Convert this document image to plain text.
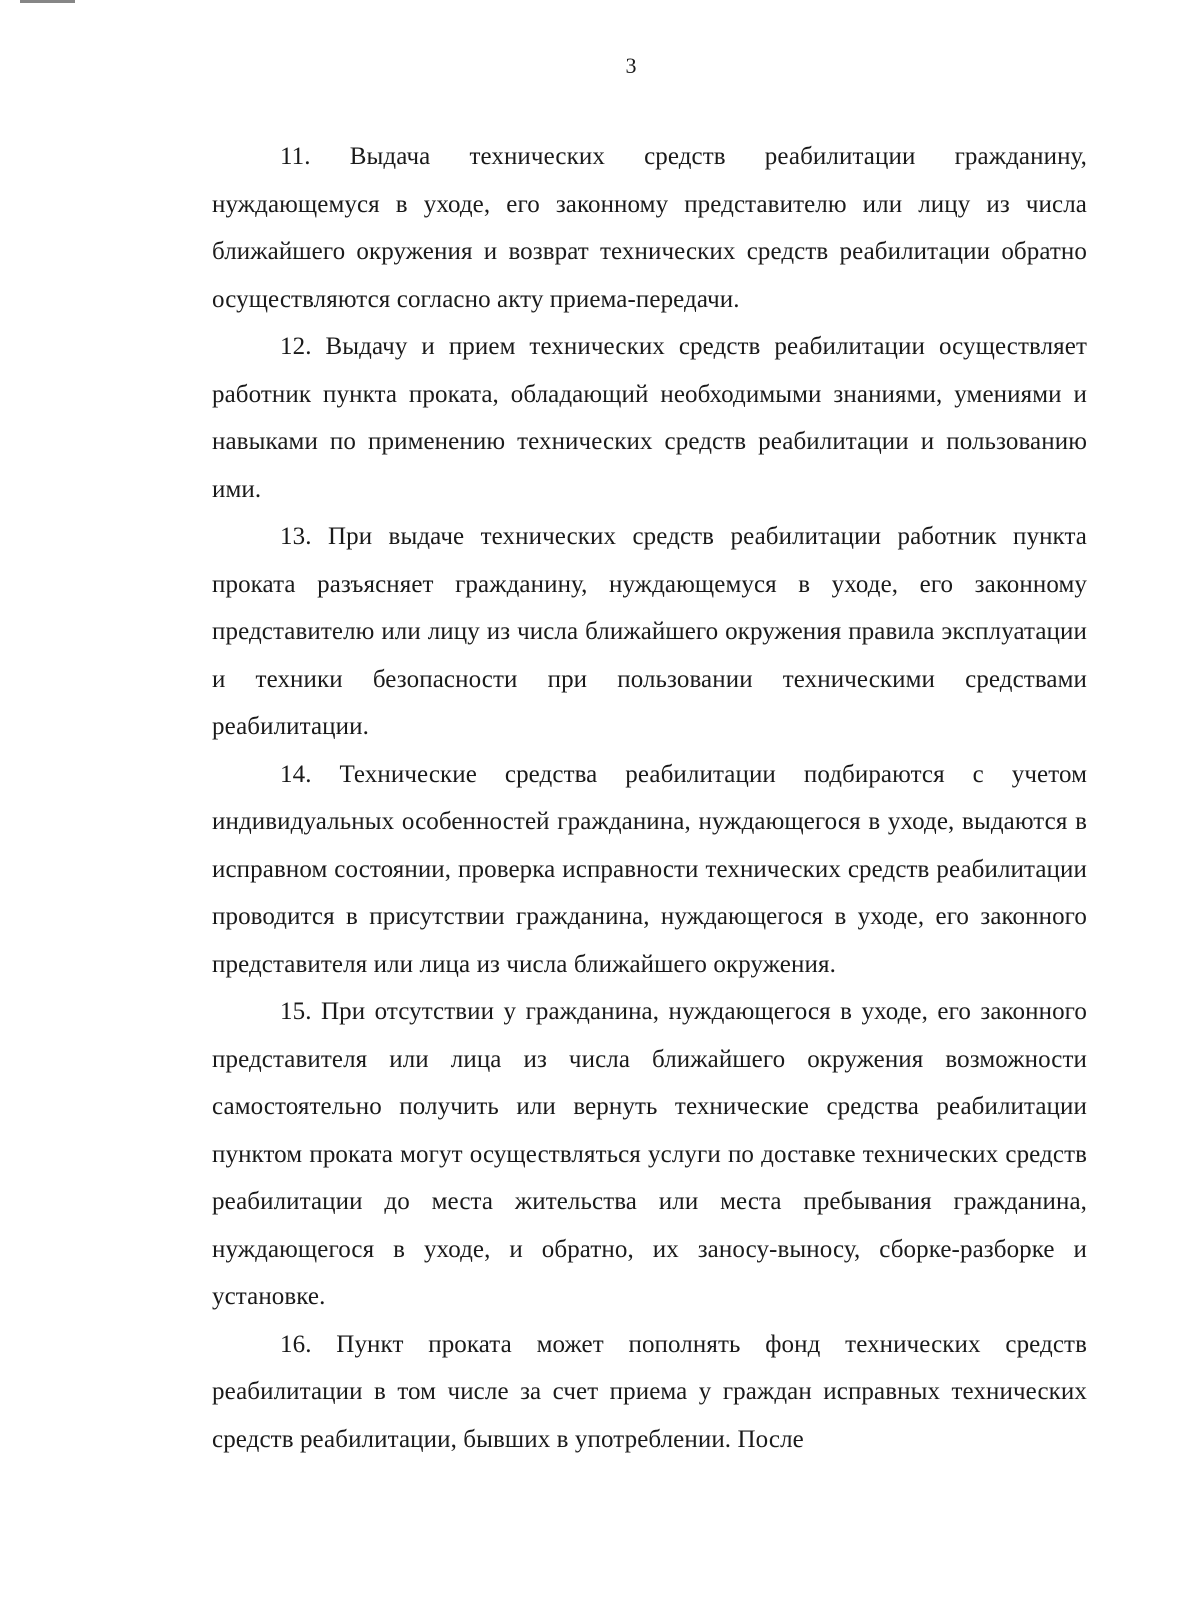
3

11. Выдача технических средств реабилитации гражданину, нуждающемуся в уходе, его законному представителю или лицу из числа ближайшего окружения и возврат технических средств реабилитации обратно осуществляются согласно акту приема-передачи.

12. Выдачу и прием технических средств реабилитации осуществляет работник пункта проката, обладающий необходимыми знаниями, умениями и навыками по применению технических средств реабилитации и пользованию ими.

13. При выдаче технических средств реабилитации работник пункта проката разъясняет гражданину, нуждающемуся в уходе, его законному представителю или лицу из числа ближайшего окружения правила эксплуатации и техники безопасности при пользовании техническими средствами реабилитации.

14. Технические средства реабилитации подбираются с учетом индивидуальных особенностей гражданина, нуждающегося в уходе, выдаются в исправном состоянии, проверка исправности технических средств реабилитации проводится в присутствии гражданина, нуждающегося в уходе, его законного представителя или лица из числа ближайшего окружения.

15. При отсутствии у гражданина, нуждающегося в уходе, его законного представителя или лица из числа ближайшего окружения возможности самостоятельно получить или вернуть технические средства реабилитации пунктом проката могут осуществляться услуги по доставке технических средств реабилитации до места жительства или места пребывания гражданина, нуждающегося в уходе, и обратно, их заносу-выносу, сборке-разборке и установке.

16. Пункт проката может пополнять фонд технических средств реабилитации в том числе за счет приема у граждан исправных технических средств реабилитации, бывших в употреблении. После
